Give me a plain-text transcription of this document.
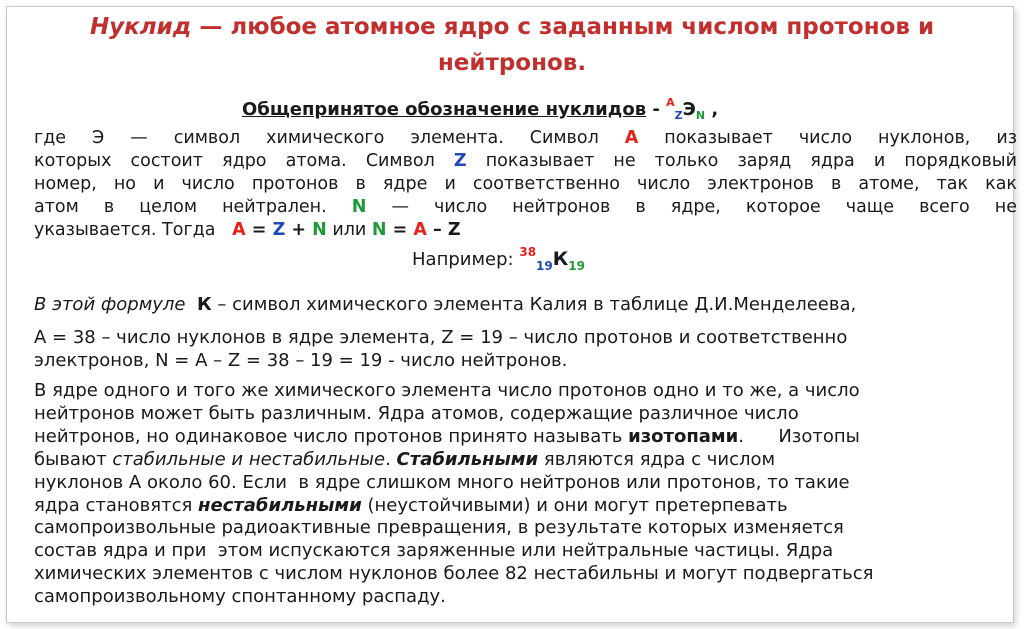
Нуклид — любое атомное ядро с заданным числом протонов и
нейтронов.
Общепринятое обозначение нуклидов - $^A_ZЭ_N$ ,
где Э — символ химического элемента. Символ A показывает число нуклонов, из
которых состоит ядро атома. Символ Z показывает не только заряд ядра и порядковый
номер, но и число протонов в ядре и соответственно число электронов в атоме, так как
атом в целом нейтрален. N — число нейтронов в ядре, которое чаще всего не
указывается. Тогда A = Z + N или N = A – Z
Например: $^{38}_{19}К_{19}$
В этой формуле К – символ химического элемента Калия в таблице Д.И.Менделеева,
А = 38 – число нуклонов в ядре элемента, Z = 19 – число протонов и соответственно
электронов, N = A – Z = 38 – 19 = 19 - число нейтронов.
В ядре одного и того же химического элемента число протонов одно и то же, а число
нейтронов может быть различным. Ядра атомов, содержащие различное число
нейтронов, но одинаковое число протонов принято называть изотопами.      Изотопы
бывают стабильные и нестабильные. Стабильными являются ядра с числом
нуклонов А около 60. Если  в ядре слишком много нейтронов или протонов, то такие
ядра становятся нестабильными (неустойчивыми) и они могут претерпевать
самопроизвольные радиоактивные превращения, в результате которых изменяется
состав ядра и при  этом испускаются заряженные или нейтральные частицы. Ядра
химических элементов с числом нуклонов более 82 нестабильны и могут подвергаться
самопроизвольному спонтанному распаду.
